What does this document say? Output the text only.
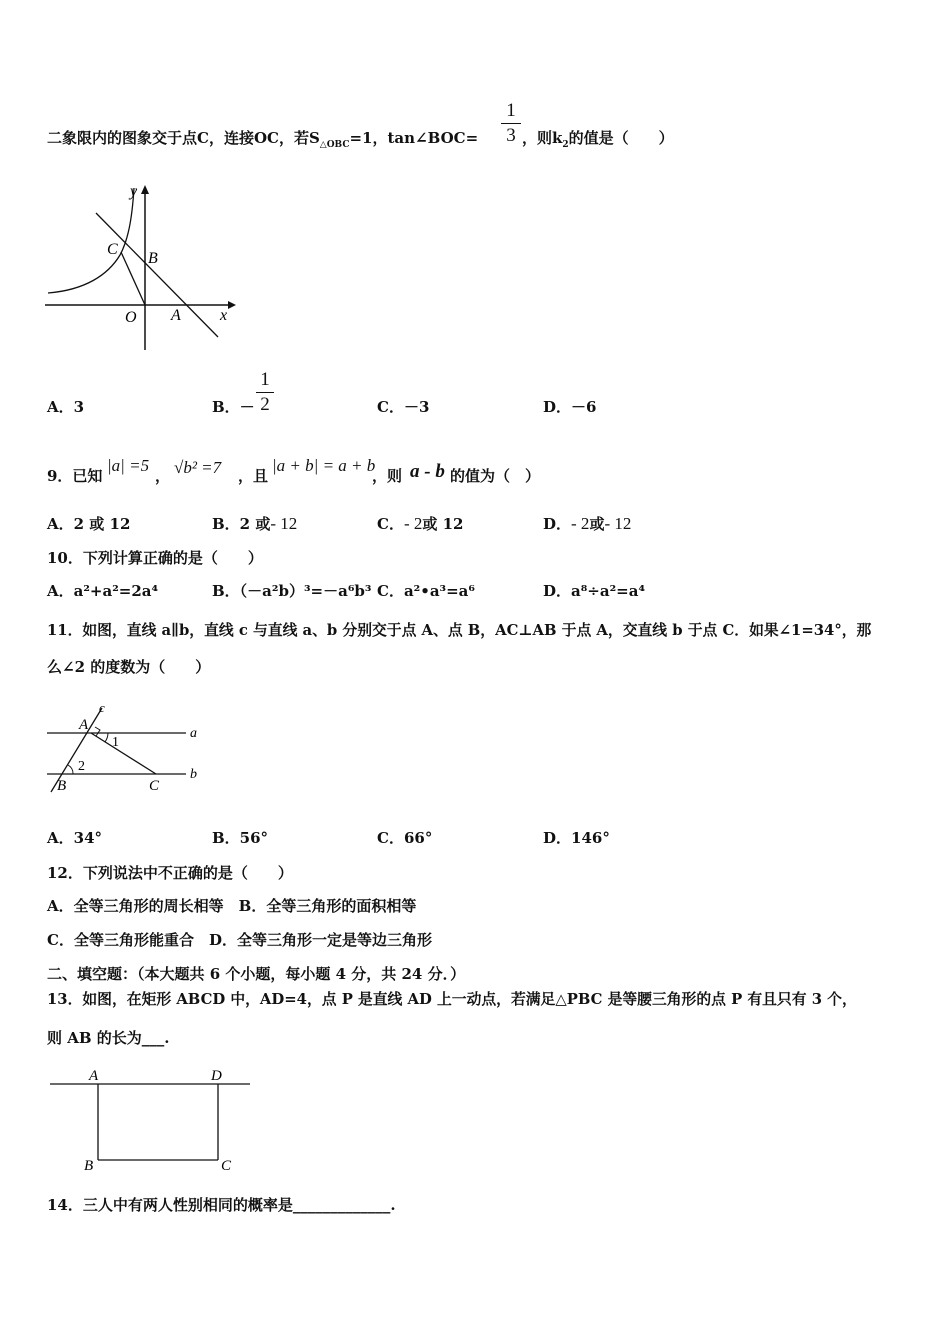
二象限内的图象交于点C，连接OC，若$S_{\triangle OBC}=1$，tan∠BOC=
1
3 ，则$k_2$的值是（　　）
y
C
B
O A x
A．3	B．－
1
2	C．－3	D．－6
9．已知
|a| =5
， √b² =7 ，且
|a + b| = a + b
，则 a - b 的值为（　）
A．2 或 12	B．2 或- 12	C．- 2或 12	D．- 2或- 12
10．下列计算正确的是（　　）
A．a²+a²=2a⁴	B．（－a²b）³=－a⁶b³ C．a²•a³=a⁶	D．a⁸÷a²=a⁴
11．如图，直线 a∥b，直线 c 与直线 a、b 分别交于点 A、点 B，AC⊥AB 于点 A，交直线 b 于点 C．如果∠1=34°，那
么∠2 的度数为（　　）
c
A
1
a
2
B	C
b
A．34°	B．56°	C．66°	D．146°
12．下列说法中不正确的是（　　）
A．全等三角形的周长相等　B．全等三角形的面积相等
C．全等三角形能重合　D．全等三角形一定是等边三角形
二、填空题：（本大题共 6 个小题，每小题 4 分，共 24 分．）
13．如图，在矩形 ABCD 中，AD=4，点 P 是直线 AD 上一动点，若满足△PBC 是等腰三角形的点 P 有且只有 3 个，
则 AB 的长为___.
A	D
B	C
14．三人中有两人性别相同的概率是_____________.
